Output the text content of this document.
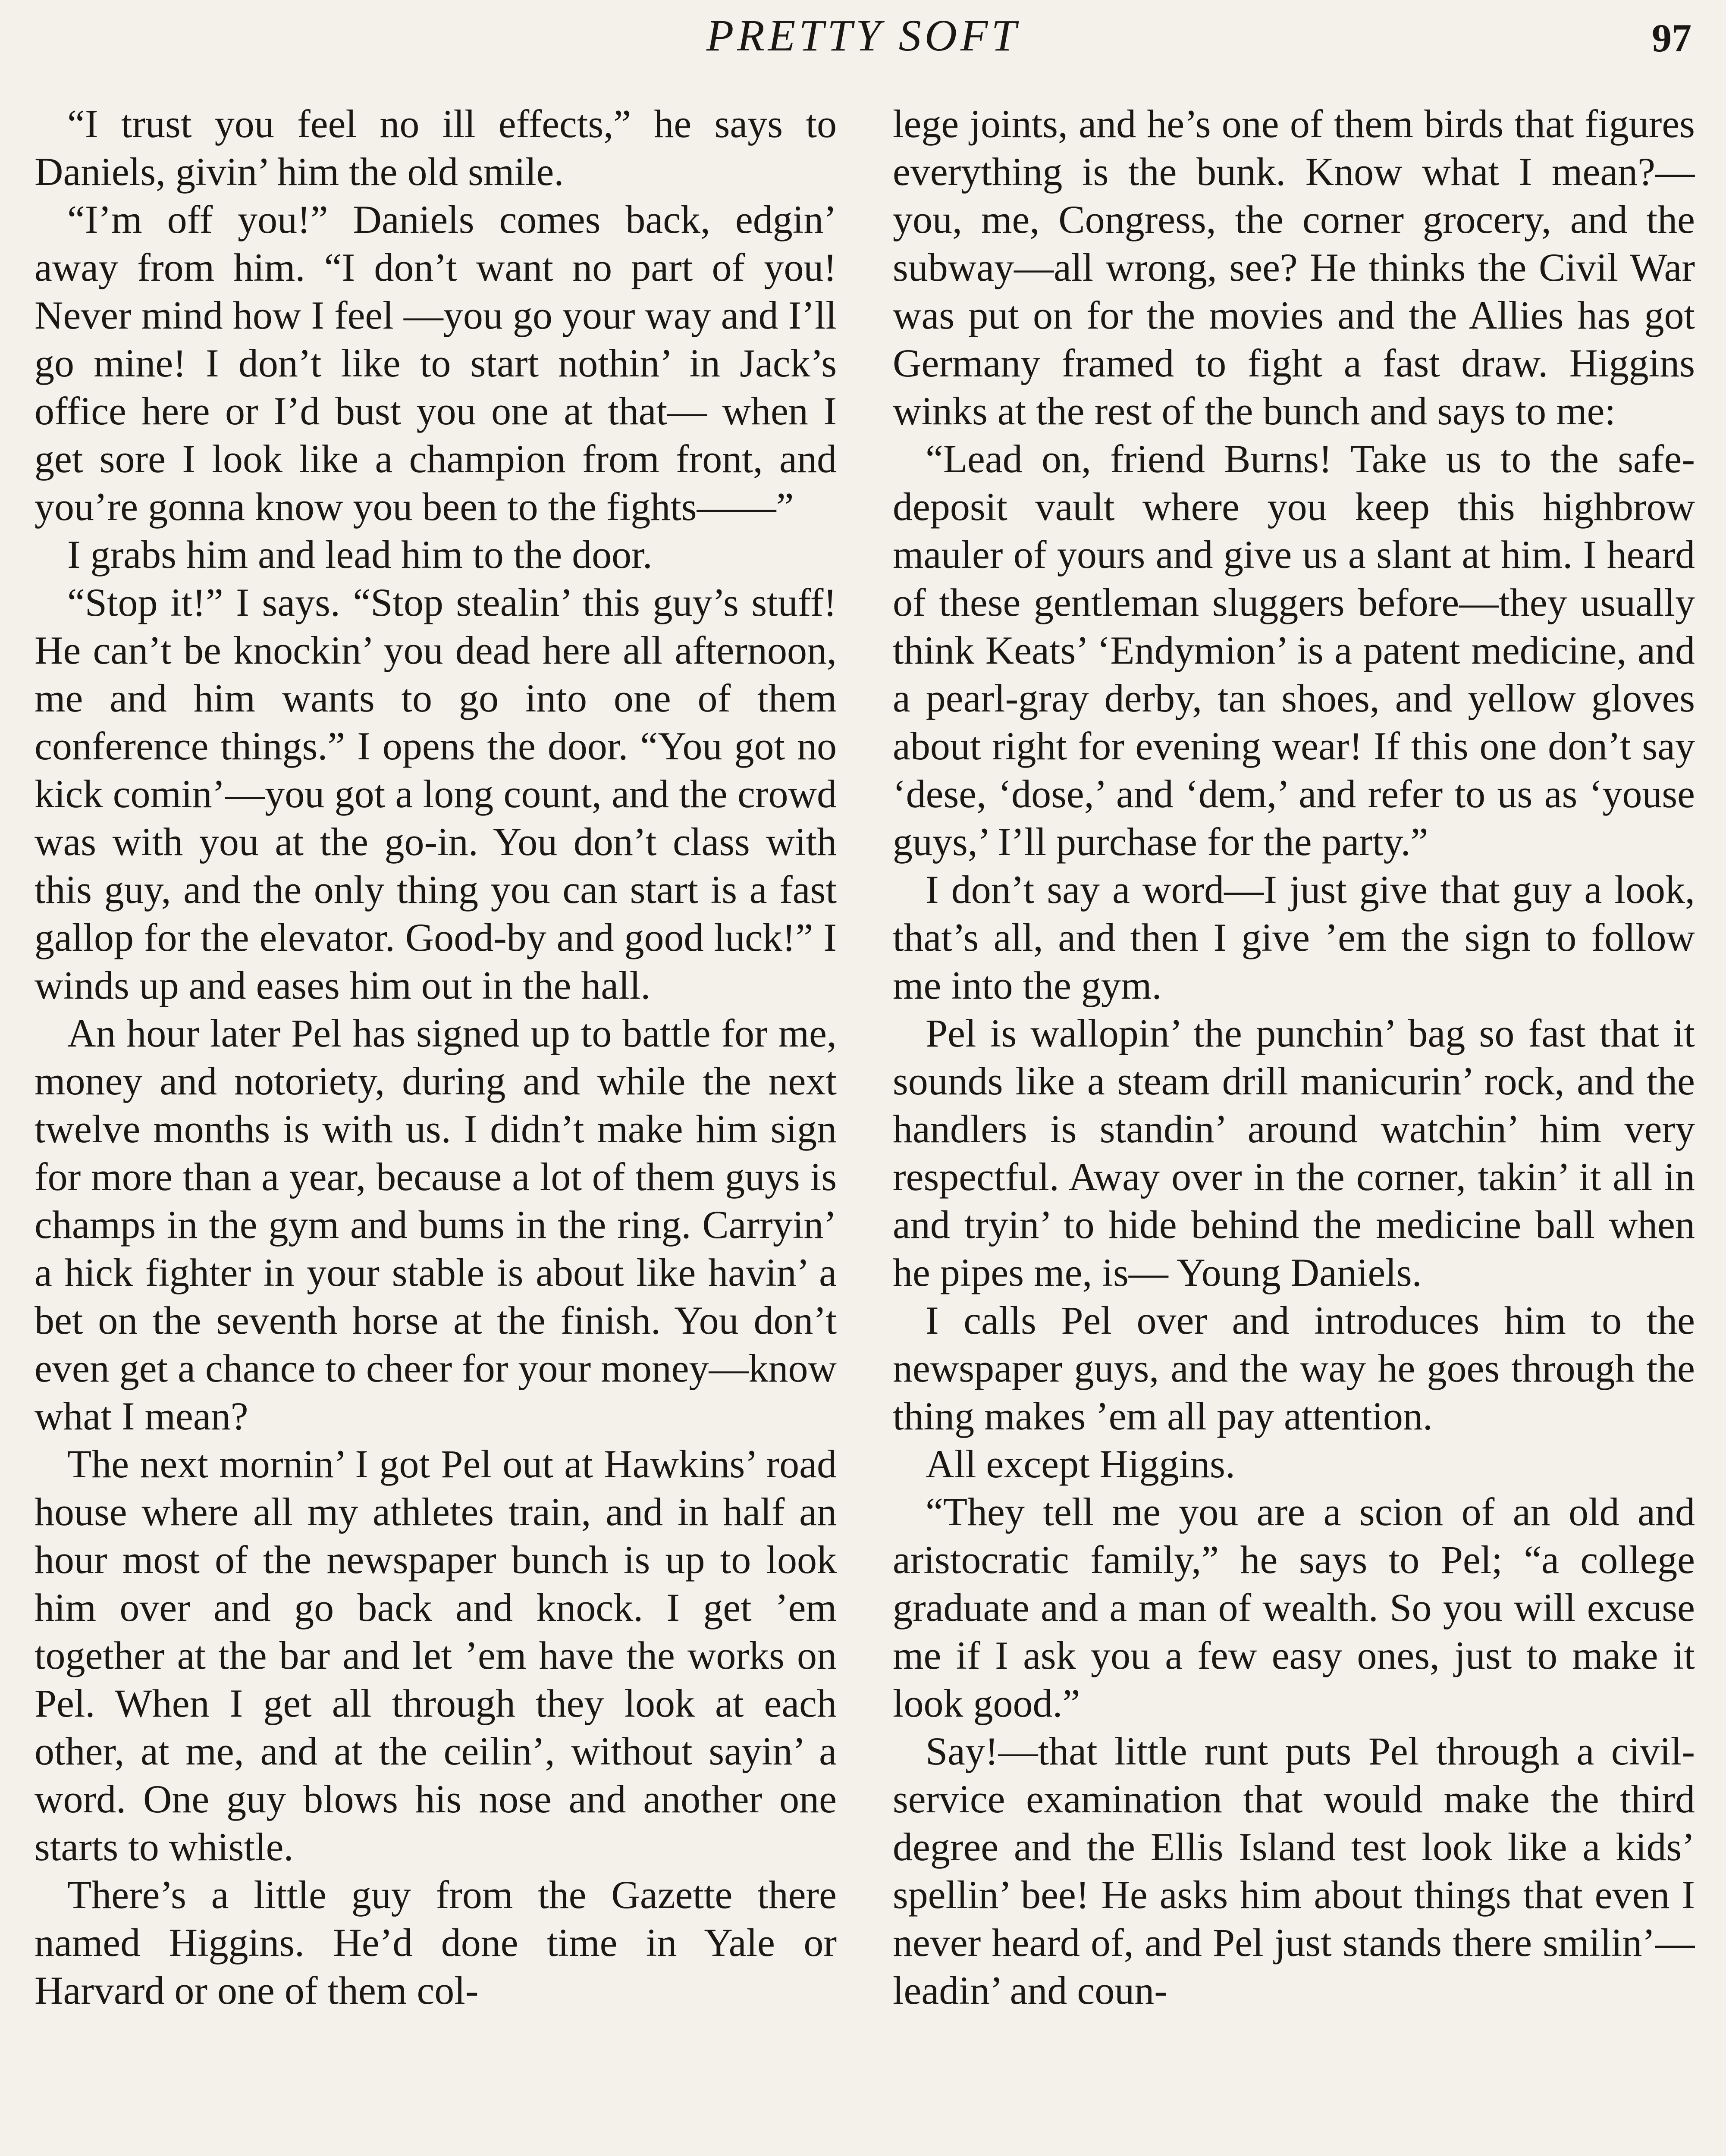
PRETTY SOFT	97

“I trust you feel no ill effects,” he says to Daniels, givin’ him the old smile.

“I’m off you!” Daniels comes back, edgin’ away from him. “I don’t want no part of you! Never mind how I feel —you go your way and I’ll go mine! I don’t like to start nothin’ in Jack’s office here or I’d bust you one at that— when I get sore I look like a champion from front, and you’re gonna know you been to the fights——”

I grabs him and lead him to the door.

“Stop it!” I says. “Stop stealin’ this guy’s stuff! He can’t be knockin’ you dead here all afternoon, me and him wants to go into one of them conference things.” I opens the door. “You got no kick comin’—you got a long count, and the crowd was with you at the go-in. You don’t class with this guy, and the only thing you can start is a fast gallop for the elevator. Good-by and good luck!” I winds up and eases him out in the hall.

An hour later Pel has signed up to battle for me, money and notoriety, during and while the next twelve months is with us. I didn’t make him sign for more than a year, because a lot of them guys is champs in the gym and bums in the ring. Carryin’ a hick fighter in your stable is about like havin’ a bet on the seventh horse at the finish. You don’t even get a chance to cheer for your money—know what I mean?

The next mornin’ I got Pel out at Hawkins’ road house where all my athletes train, and in half an hour most of the newspaper bunch is up to look him over and go back and knock. I get ’em together at the bar and let ’em have the works on Pel. When I get all through they look at each other, at me, and at the ceilin’, without sayin’ a word. One guy blows his nose and another one starts to whistle.

There’s a little guy from the Gazette there named Higgins. He’d done time in Yale or Harvard or one of them col-

lege joints, and he’s one of them birds that figures everything is the bunk. Know what I mean?—you, me, Congress, the corner grocery, and the subway—all wrong, see? He thinks the Civil War was put on for the movies and the Allies has got Germany framed to fight a fast draw. Higgins winks at the rest of the bunch and says to me:

“Lead on, friend Burns! Take us to the safe-deposit vault where you keep this highbrow mauler of yours and give us a slant at him. I heard of these gentleman sluggers before—they usually think Keats’ ‘Endymion’ is a patent medicine, and a pearl-gray derby, tan shoes, and yellow gloves about right for evening wear! If this one don’t say ‘dese, ‘dose,’ and ‘dem,’ and refer to us as ‘youse guys,’ I’ll purchase for the party.”

I don’t say a word—I just give that guy a look, that’s all, and then I give ’em the sign to follow me into the gym.

Pel is wallopin’ the punchin’ bag so fast that it sounds like a steam drill manicurin’ rock, and the handlers is standin’ around watchin’ him very respectful. Away over in the corner, takin’ it all in and tryin’ to hide behind the medicine ball when he pipes me, is— Young Daniels.

I calls Pel over and introduces him to the newspaper guys, and the way he goes through the thing makes ’em all pay attention.

All except Higgins.

“They tell me you are a scion of an old and aristocratic family,” he says to Pel; “a college graduate and a man of wealth. So you will excuse me if I ask you a few easy ones, just to make it look good.”

Say!—that little runt puts Pel through a civil-service examination that would make the third degree and the Ellis Island test look like a kids’ spellin’ bee! He asks him about things that even I never heard of, and Pel just stands there smilin’—leadin’ and coun-
